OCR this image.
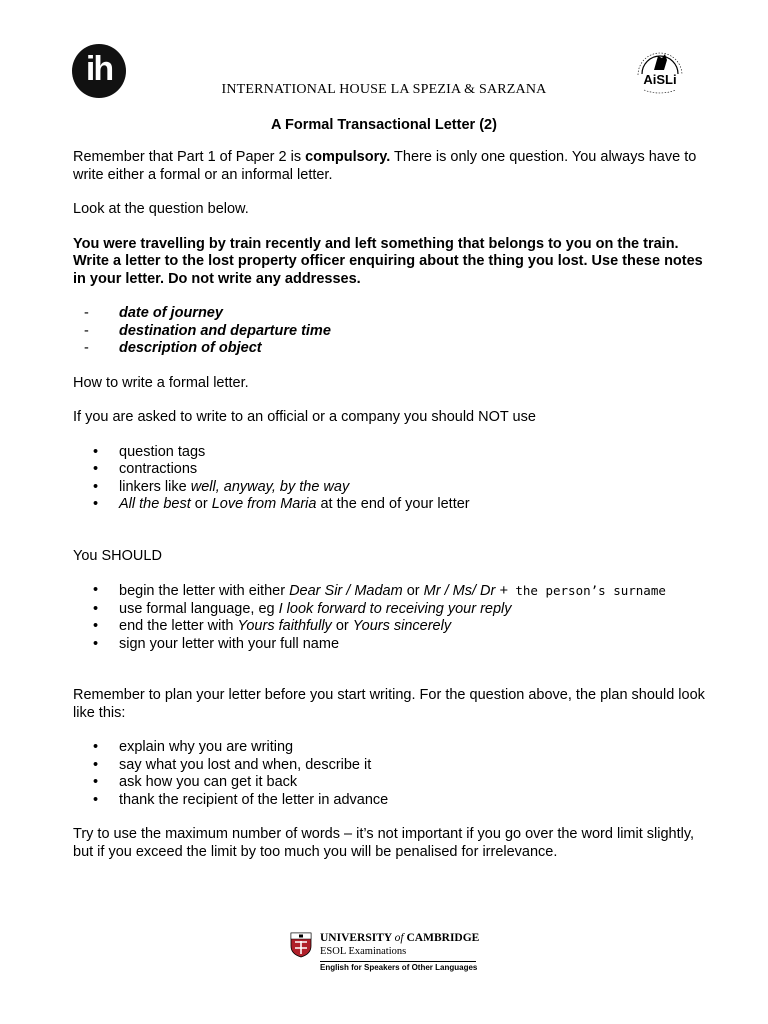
ih	AiSLi
INTERNATIONAL HOUSE LA SPEZIA & SARZANA
A Formal Transactional Letter (2)

Remember that Part 1 of Paper 2 is compulsory. There is only one question. You always have to write either a formal or an informal letter.

Look at the question below.

You were travelling by train recently and left something that belongs to you on the train. Write a letter to the lost property officer enquiring about the thing you lost. Use these notes in your letter. Do not write any addresses.

- date of journey
- destination and departure time
- description of object

How to write a formal letter.

If you are asked to write to an official or a company you should NOT use

• question tags
• contractions
• linkers like well, anyway, by the way
• All the best or Love from Maria at the end of your letter

You SHOULD

• begin the letter with either Dear Sir / Madam or Mr / Ms/ Dr + the person’s surname
• use formal language, eg I look forward to receiving your reply
• end the letter with Yours faithfully or Yours sincerely
• sign your letter with your full name

Remember to plan your letter before you start writing. For the question above, the plan should look like this:

• explain why you are writing
• say what you lost and when, describe it
• ask how you can get it back
• thank the recipient of the letter in advance

Try to use the maximum number of words – it’s not important if you go over the word limit slightly, but if you exceed the limit by too much you will be penalised for irrelevance.

UNIVERSITY of CAMBRIDGE
ESOL Examinations
English for Speakers of Other Languages
